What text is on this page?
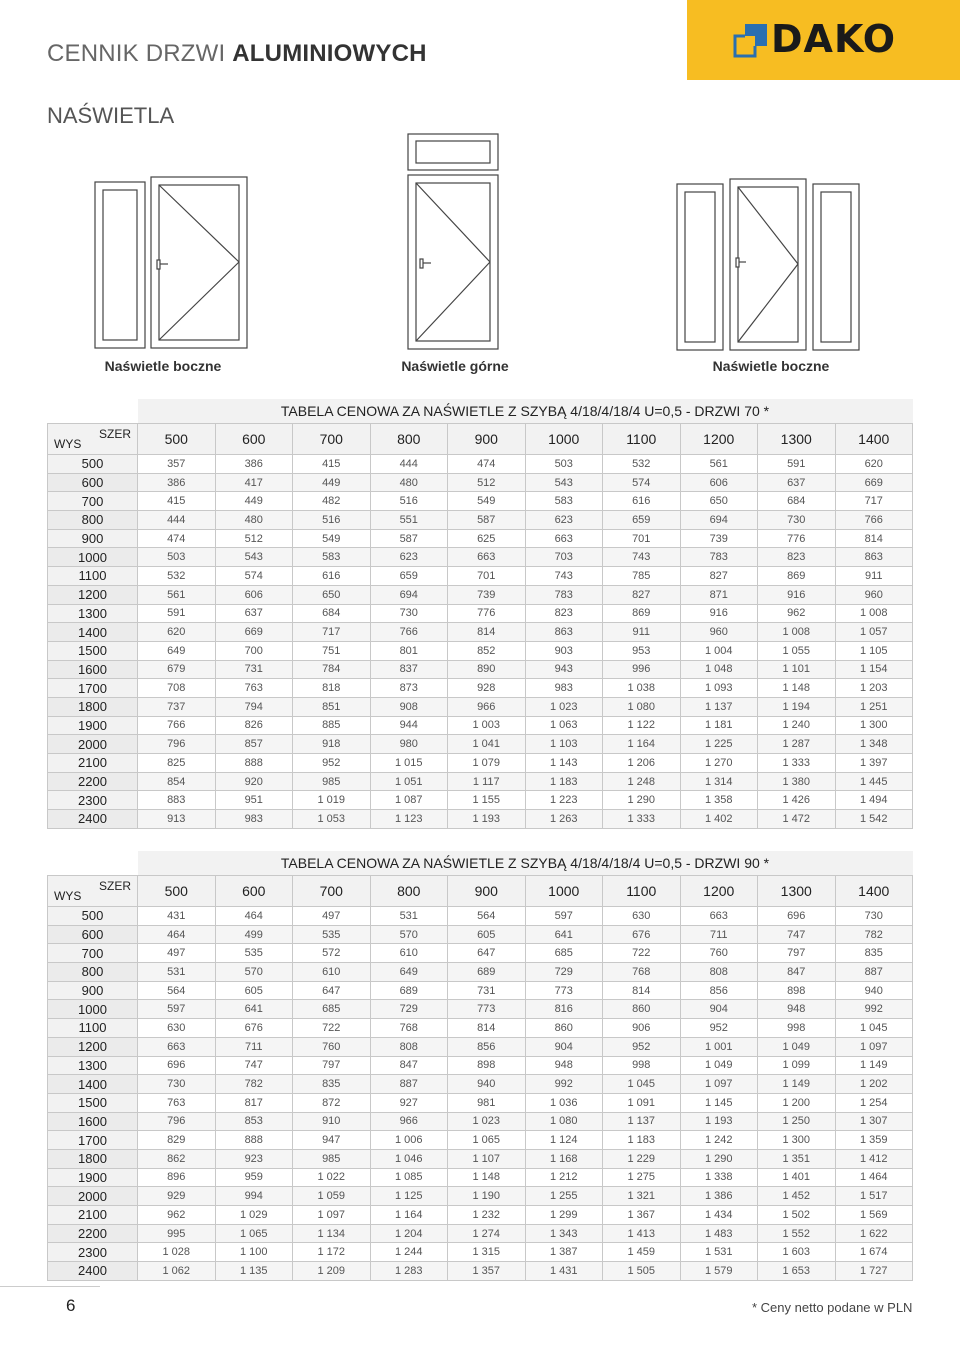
CENNIK DRZWI ALUMINIOWYCH	DAKO
NAŚWIETLA
Naświetle boczne	Naświetle górne	Naświetle boczne
	TABELA CENOWA ZA NAŚWIETLE Z SZYBĄ 4/18/4/18/4 U=0,5 - DRZWI 70 *									

SZER
WYS	500	600	700	800	900	1000	1100	1200	1300	1400
500	357	386	415	444	474	503	532	561	591	620
600	386	417	449	480	512	543	574	606	637	669
700	415	449	482	516	549	583	616	650	684	717
800	444	480	516	551	587	623	659	694	730	766
900	474	512	549	587	625	663	701	739	776	814
1000	503	543	583	623	663	703	743	783	823	863
1100	532	574	616	659	701	743	785	827	869	911
1200	561	606	650	694	739	783	827	871	916	960
1300	591	637	684	730	776	823	869	916	962	1 008
1400	620	669	717	766	814	863	911	960	1 008	1 057
1500	649	700	751	801	852	903	953	1 004	1 055	1 105
1600	679	731	784	837	890	943	996	1 048	1 101	1 154
1700	708	763	818	873	928	983	1 038	1 093	1 148	1 203
1800	737	794	851	908	966	1 023	1 080	1 137	1 194	1 251
1900	766	826	885	944	1 003	1 063	1 122	1 181	1 240	1 300
2000	796	857	918	980	1 041	1 103	1 164	1 225	1 287	1 348
2100	825	888	952	1 015	1 079	1 143	1 206	1 270	1 333	1 397
2200	854	920	985	1 051	1 117	1 183	1 248	1 314	1 380	1 445
2300	883	951	1 019	1 087	1 155	1 223	1 290	1 358	1 426	1 494
2400	913	983	1 053	1 123	1 193	1 263	1 333	1 402	1 472	1 542
	TABELA CENOWA ZA NAŚWIETLE Z SZYBĄ 4/18/4/18/4 U=0,5 - DRZWI 90 *									

SZER
WYS	500	600	700	800	900	1000	1100	1200	1300	1400
500	431	464	497	531	564	597	630	663	696	730
600	464	499	535	570	605	641	676	711	747	782
700	497	535	572	610	647	685	722	760	797	835
800	531	570	610	649	689	729	768	808	847	887
900	564	605	647	689	731	773	814	856	898	940
1000	597	641	685	729	773	816	860	904	948	992
1100	630	676	722	768	814	860	906	952	998	1 045
1200	663	711	760	808	856	904	952	1 001	1 049	1 097
1300	696	747	797	847	898	948	998	1 049	1 099	1 149
1400	730	782	835	887	940	992	1 045	1 097	1 149	1 202
1500	763	817	872	927	981	1 036	1 091	1 145	1 200	1 254
1600	796	853	910	966	1 023	1 080	1 137	1 193	1 250	1 307
1700	829	888	947	1 006	1 065	1 124	1 183	1 242	1 300	1 359
1800	862	923	985	1 046	1 107	1 168	1 229	1 290	1 351	1 412
1900	896	959	1 022	1 085	1 148	1 212	1 275	1 338	1 401	1 464
2000	929	994	1 059	1 125	1 190	1 255	1 321	1 386	1 452	1 517
2100	962	1 029	1 097	1 164	1 232	1 299	1 367	1 434	1 502	1 569
2200	995	1 065	1 134	1 204	1 274	1 343	1 413	1 483	1 552	1 622
2300	1 028	1 100	1 172	1 244	1 315	1 387	1 459	1 531	1 603	1 674
2400	1 062	1 135	1 209	1 283	1 357	1 431	1 505	1 579	1 653	1 727
6	* Ceny netto podane w PLN
